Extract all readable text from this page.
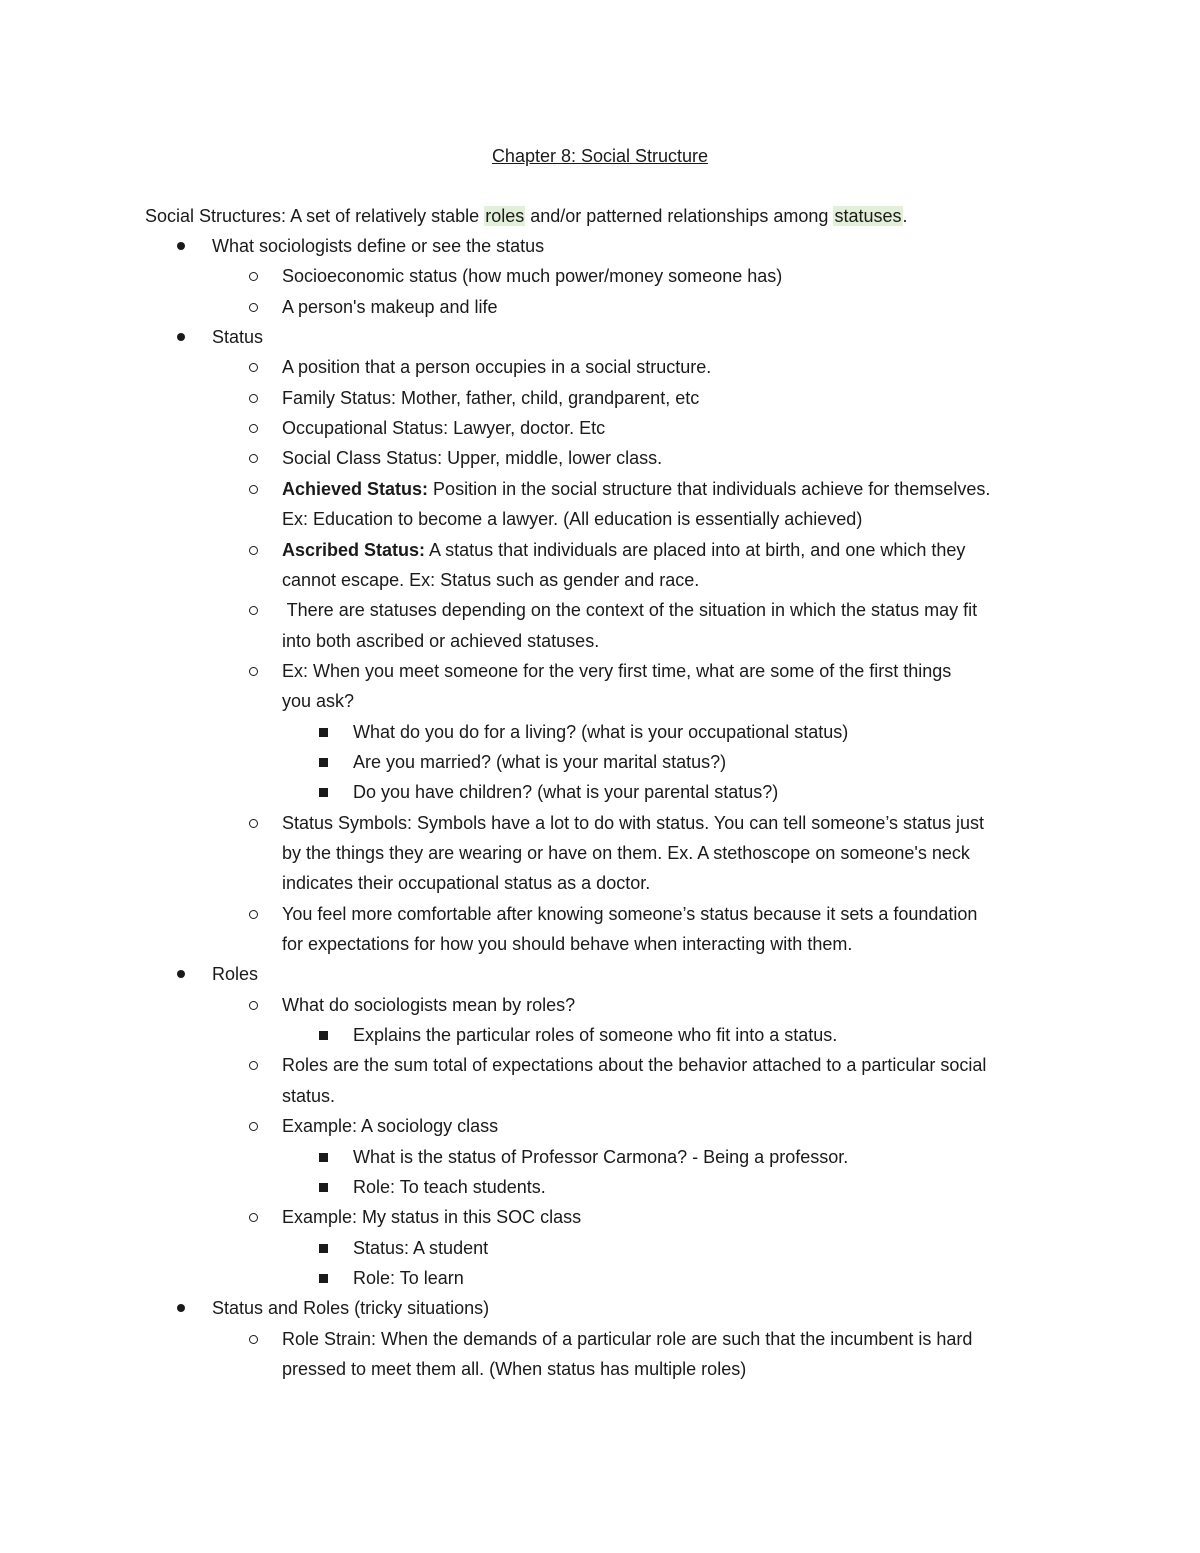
Chapter 8: Social Structure
Social Structures: A set of relatively stable roles and/or patterned relationships among statuses.
What sociologists define or see the status
Socioeconomic status (how much power/money someone has)
A person's makeup and life
Status
A position that a person occupies in a social structure.
Family Status: Mother, father, child, grandparent, etc
Occupational Status: Lawyer, doctor. Etc
Social Class Status: Upper, middle, lower class.
Achieved Status: Position in the social structure that individuals achieve for themselves.
Ex: Education to become a lawyer. (All education is essentially achieved)
Ascribed Status: A status that individuals are placed into at birth, and one which they
cannot escape. Ex: Status such as gender and race.
There are statuses depending on the context of the situation in which the status may fit
into both ascribed or achieved statuses.
Ex: When you meet someone for the very first time, what are some of the first things
you ask?
What do you do for a living? (what is your occupational status)
Are you married? (what is your marital status?)
Do you have children? (what is your parental status?)
Status Symbols: Symbols have a lot to do with status. You can tell someone’s status just
by the things they are wearing or have on them. Ex. A stethoscope on someone's neck
indicates their occupational status as a doctor.
You feel more comfortable after knowing someone’s status because it sets a foundation
for expectations for how you should behave when interacting with them.
Roles
What do sociologists mean by roles?
Explains the particular roles of someone who fit into a status.
Roles are the sum total of expectations about the behavior attached to a particular social
status.
Example: A sociology class
What is the status of Professor Carmona? - Being a professor.
Role: To teach students.
Example: My status in this SOC class
Status: A student
Role: To learn
Status and Roles (tricky situations)
Role Strain: When the demands of a particular role are such that the incumbent is hard
pressed to meet them all. (When status has multiple roles)
